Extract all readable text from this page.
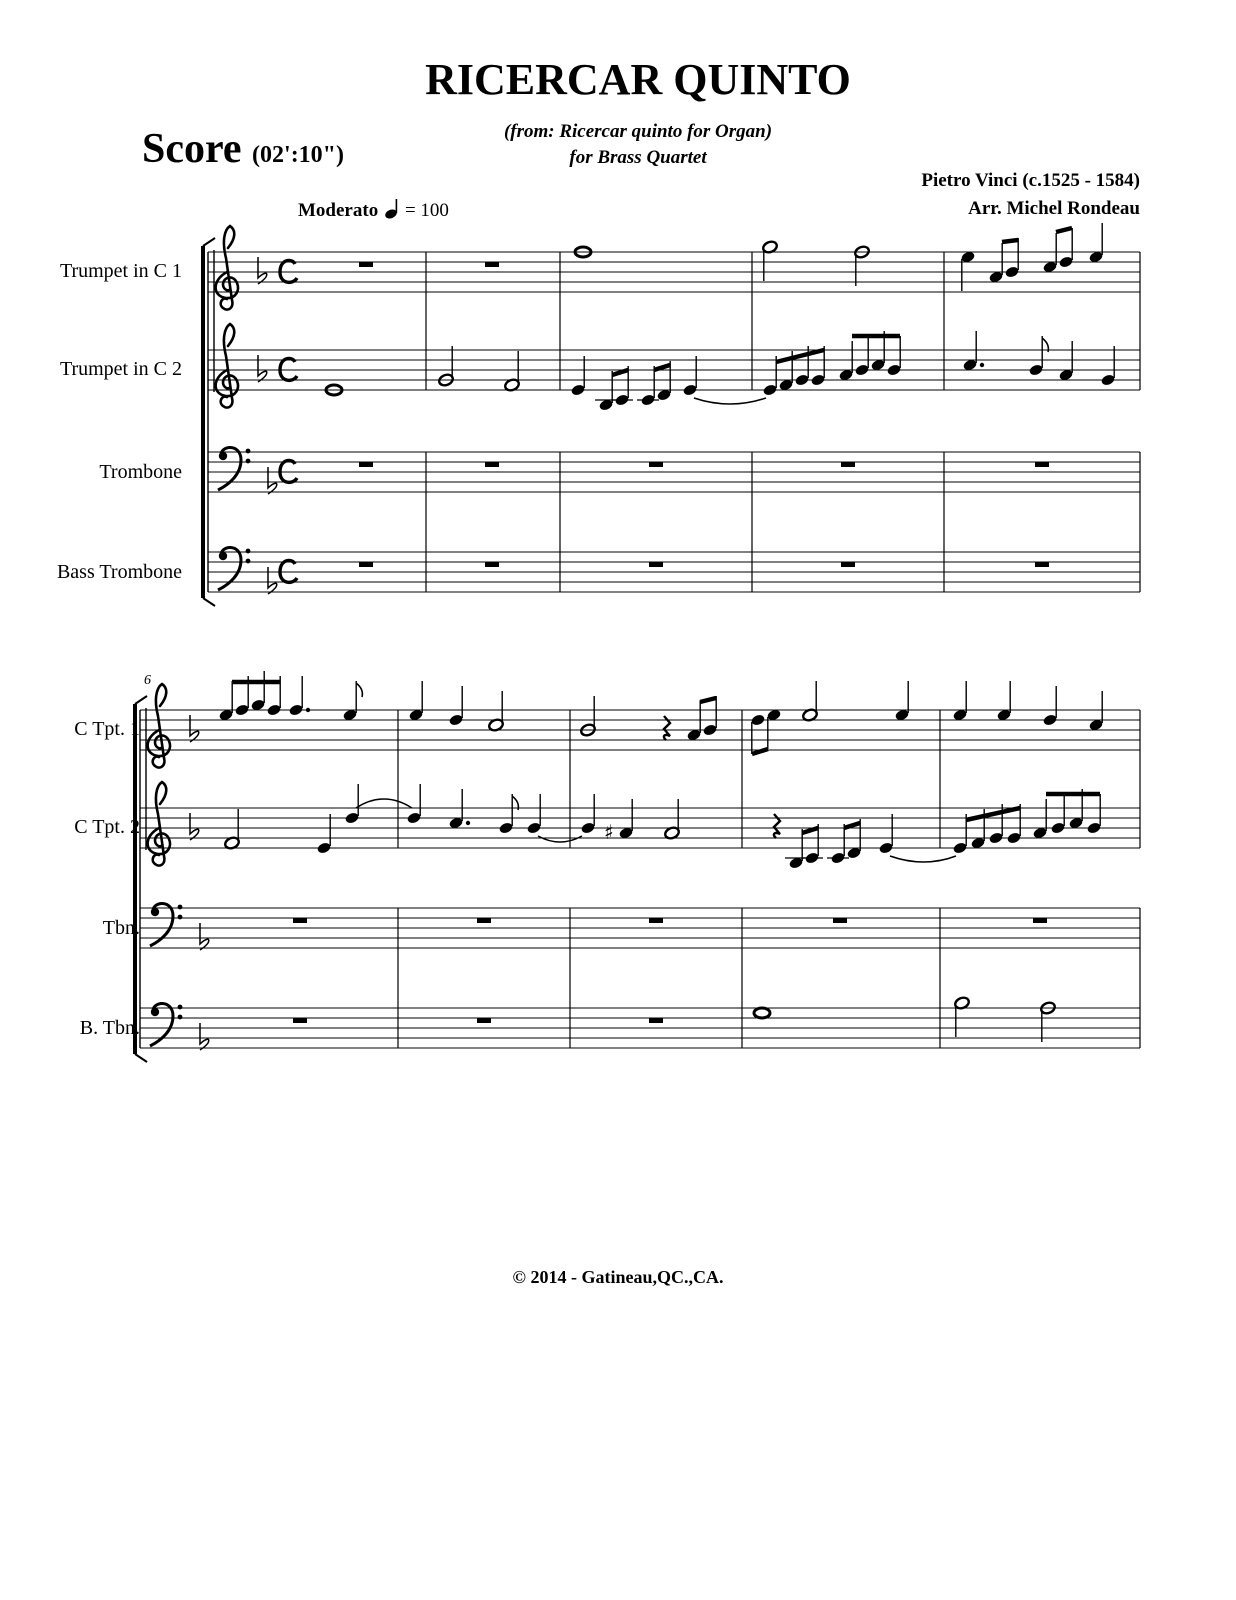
RICERCAR QUINTO
Score (02':10")
(from: Ricercar quinto for Organ)
for Brass Quartet
Pietro Vinci (c.1525 - 1584)
Arr. Michel Rondeau
Moderato = 100
Trumpet in C 1
Trumpet in C 2
Trombone
Bass Trombone
6
C Tpt. 1
C Tpt. 2
Tbn.
B. Tbn.
♯
© 2014 - Gatineau,QC.,CA.
